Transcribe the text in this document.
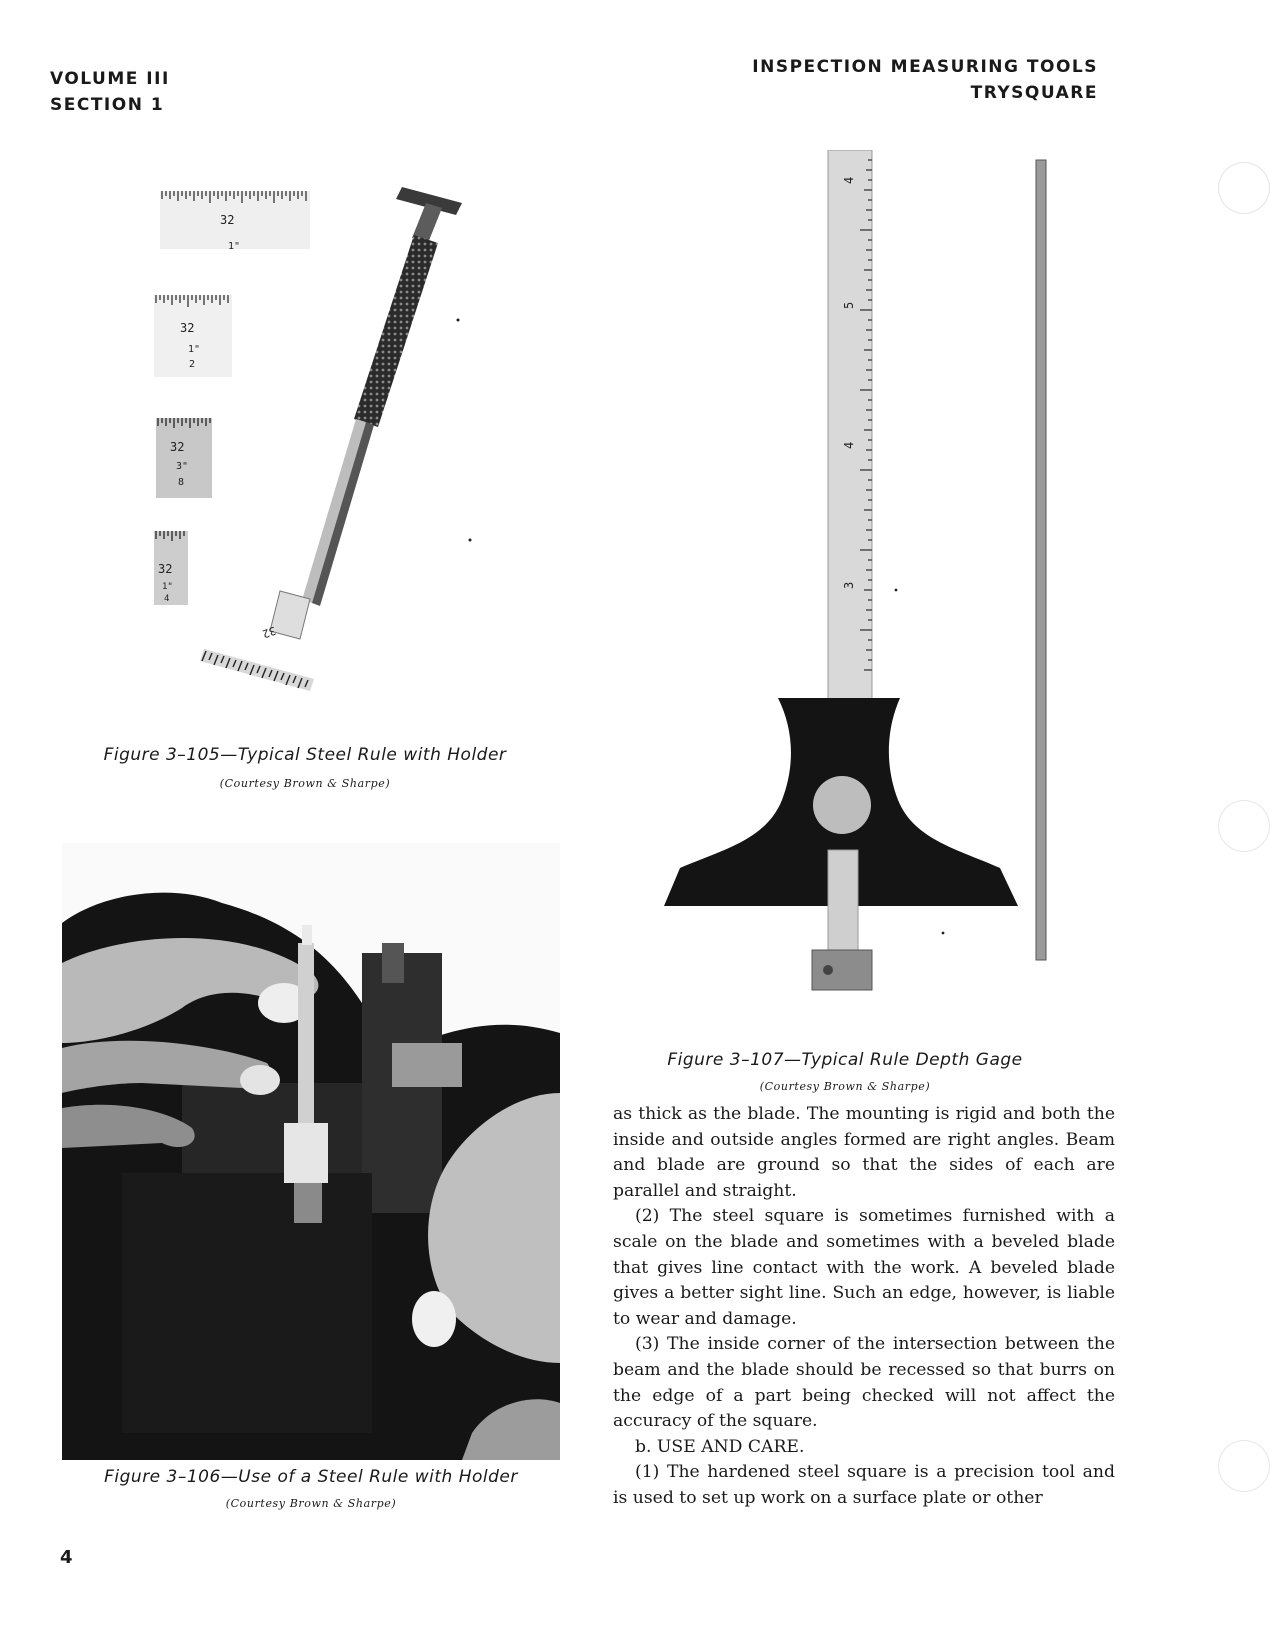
VOLUME III
SECTION 1
INSPECTION MEASURING TOOLS
TRYSQUARE
32
1"
32
1"
2
32
3"
8
32
1"
4
32
Figure 3–105—Typical Steel Rule with Holder
(Courtesy Brown & Sharpe)
Figure 3–106—Use of a Steel Rule with Holder
(Courtesy Brown & Sharpe)
4
5
4
3
Figure 3–107—Typical Rule Depth Gage
(Courtesy Brown & Sharpe)

as thick as the blade. The mounting is rigid and both the inside and outside angles formed are right angles. Beam and blade are ground so that the sides of each are parallel and straight.

(2) The steel square is sometimes furnished with a scale on the blade and sometimes with a beveled blade that gives line contact with the work. A beveled blade gives a better sight line. Such an edge, however, is liable to wear and damage.

(3) The inside corner of the intersection between the beam and the blade should be recessed so that burrs on the edge of a part being checked will not affect the accuracy of the square.

b. USE AND CARE.

(1) The hardened steel square is a precision tool and is used to set up work on a surface plate or other

4
